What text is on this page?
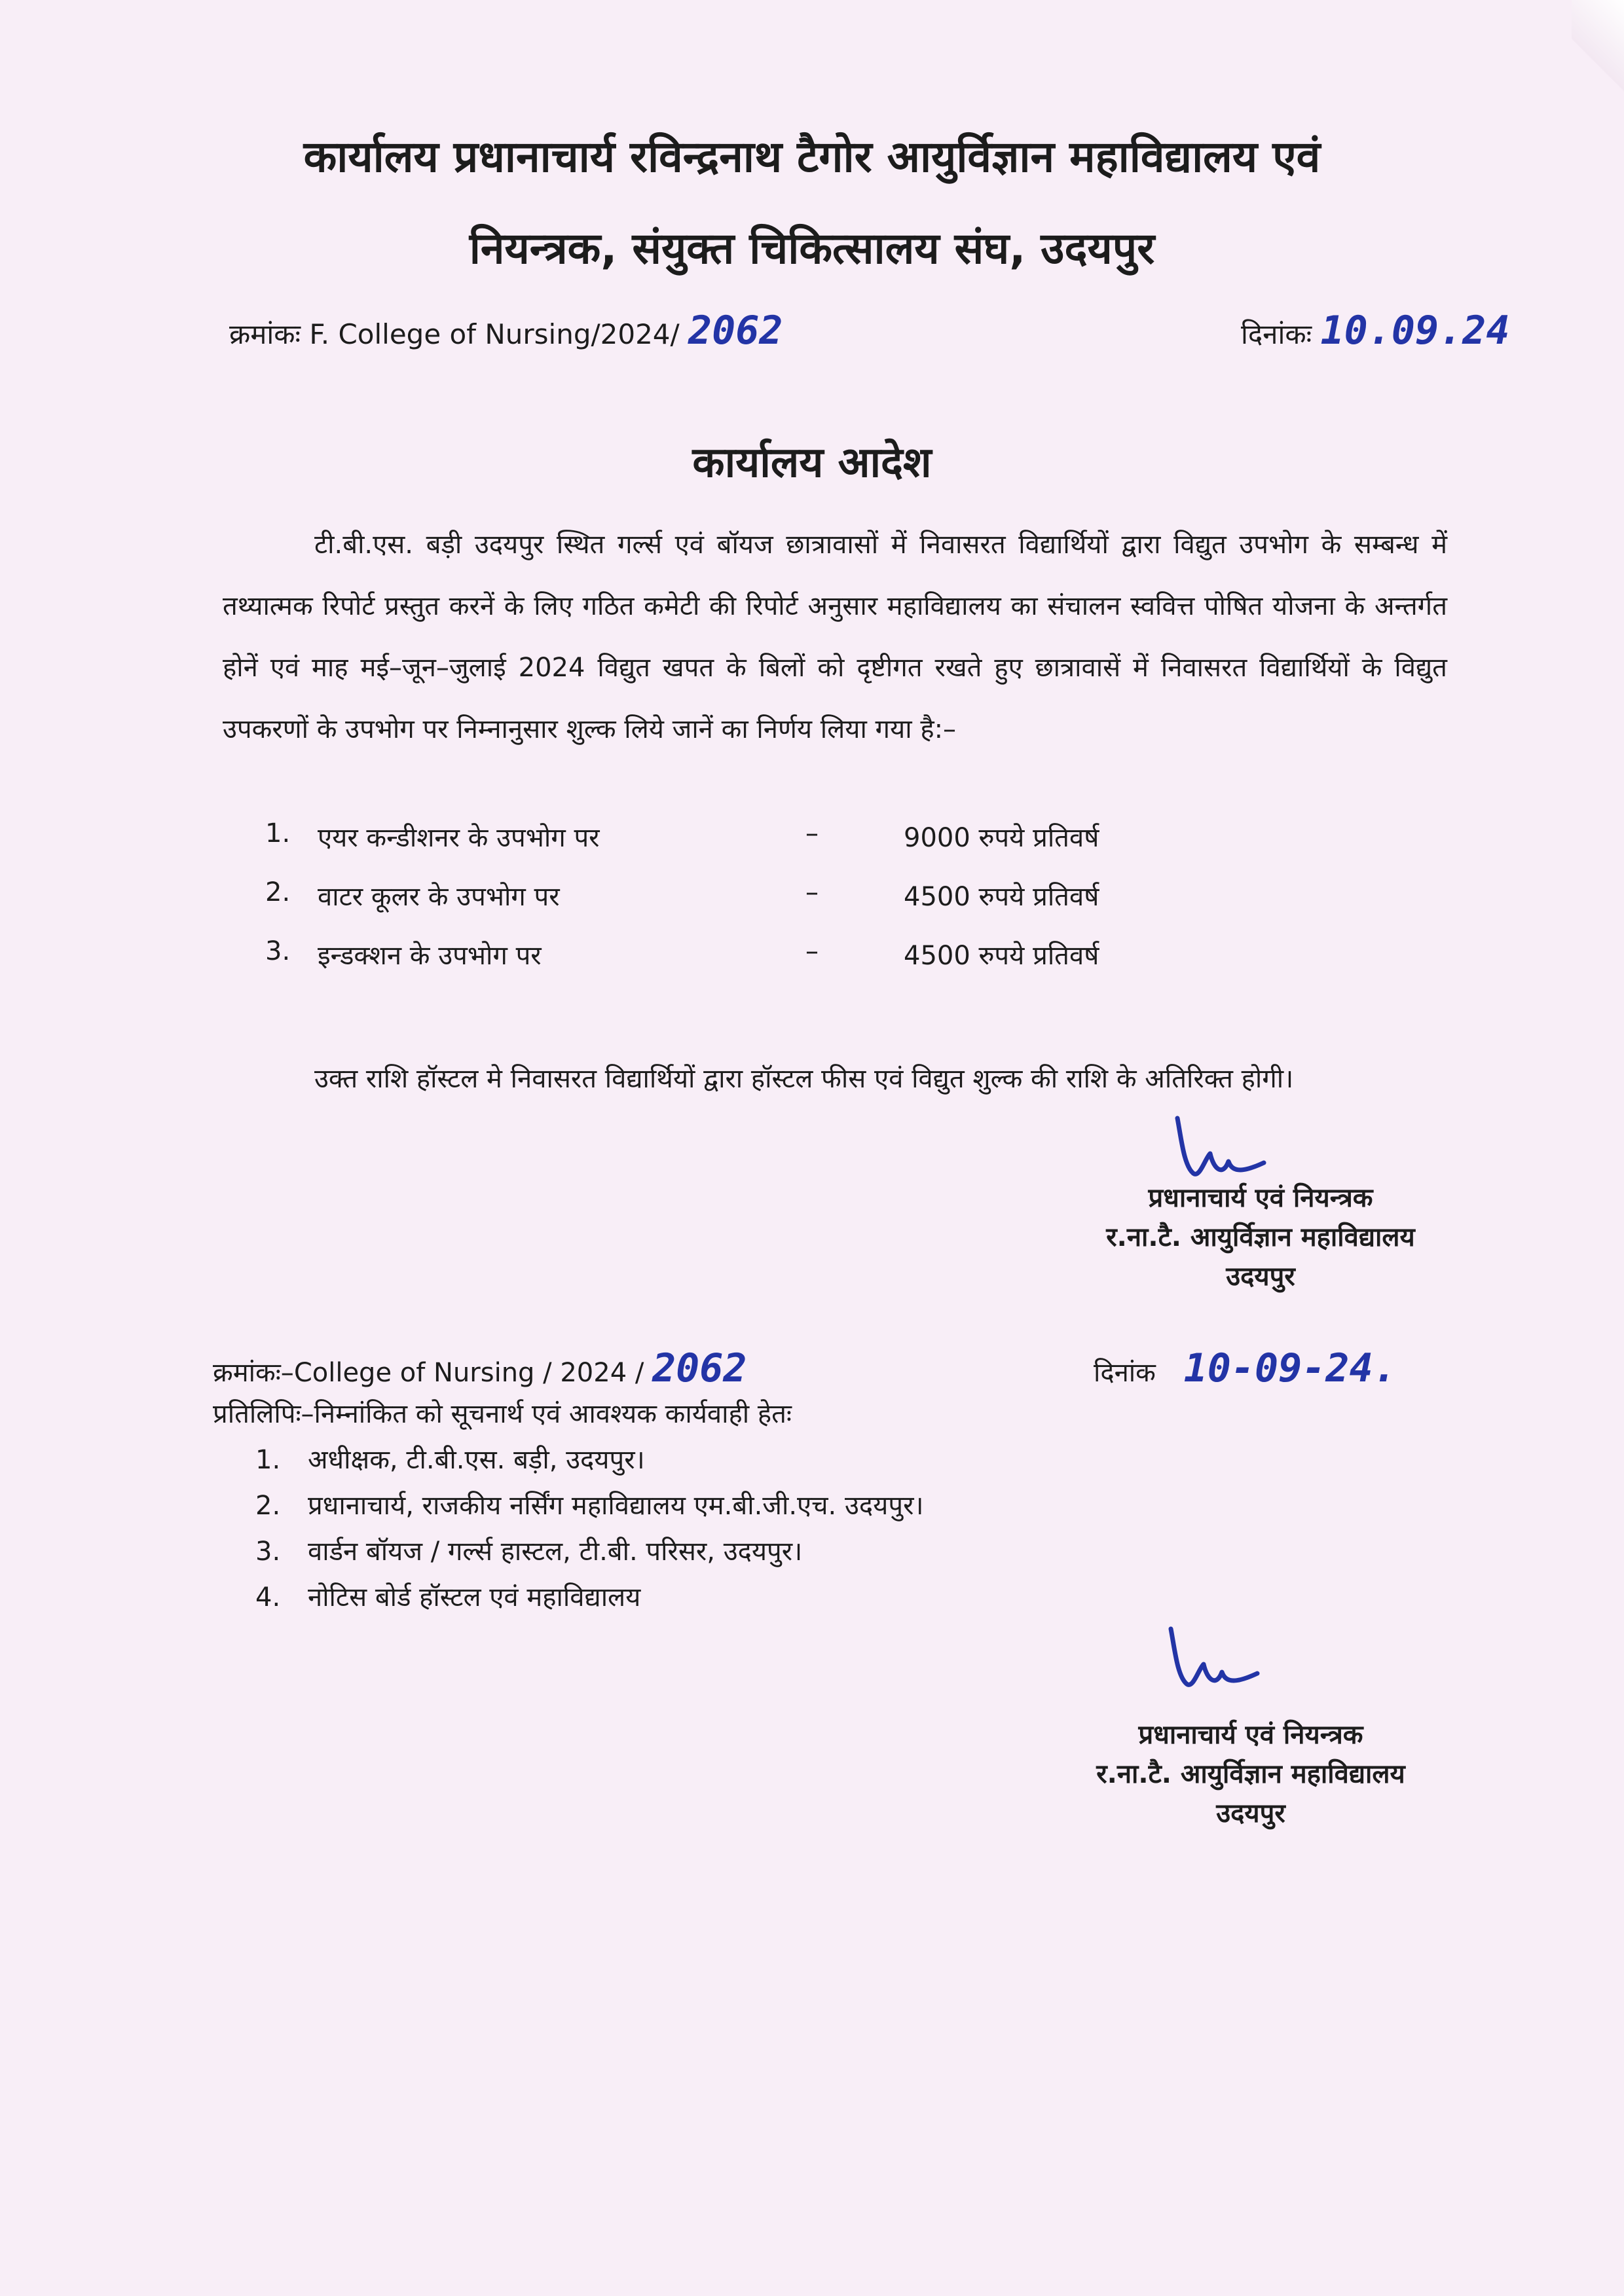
कार्यालय प्रधानाचार्य रविन्द्रनाथ टैगोर आयुर्विज्ञान महाविद्यालय एवं
नियन्त्रक, संयुक्त चिकित्सालय संघ, उदयपुर
क्रमांकः F. College of Nursing/2024/ 2062	दिनांकः 10.09.24
कार्यालय आदेश
टी.बी.एस. बड़ी उदयपुर स्थित गर्ल्स एवं बॉयज छात्रावासों में निवासरत विद्यार्थियों द्वारा विद्युत उपभोग के सम्बन्ध में तथ्यात्मक रिपोर्ट प्रस्तुत करनें के लिए गठित कमेटी की रिपोर्ट अनुसार महाविद्यालय का संचालन स्ववित्त पोषित योजना के अन्तर्गत होनें एवं माह मई–जून–जुलाई 2024 विद्युत खपत के बिलों को दृष्टीगत रखते हुए छात्रावासें में निवासरत विद्यार्थियों के विद्युत उपकरणों के उपभोग पर निम्नानुसार शुल्क लिये जानें का निर्णय लिया गया है:–
1. एयर कन्डीशनर के उपभोग पर	–	9000 रुपये प्रतिवर्ष
2. वाटर कूलर के उपभोग पर	–	4500 रुपये प्रतिवर्ष
3. इन्डक्शन के उपभोग पर	–	4500 रुपये प्रतिवर्ष
उक्त राशि हॉस्टल मे निवासरत विद्यार्थियों द्वारा हॉस्टल फीस एवं विद्युत शुल्क की राशि के अतिरिक्त होगी।
प्रधानाचार्य एवं नियन्त्रक
र.ना.टै. आयुर्विज्ञान महाविद्यालय
उदयपुर
क्रमांकः–College of Nursing / 2024 / 2062	दिनांक 10-09-24.
प्रतिलिपिः–निम्नांकित को सूचनार्थ एवं आवश्यक कार्यवाही हेतः
1. अधीक्षक, टी.बी.एस. बड़ी, उदयपुर।
2. प्रधानाचार्य, राजकीय नर्सिंग महाविद्यालय एम.बी.जी.एच. उदयपुर।
3. वार्डन बॉयज / गर्ल्स हास्टल, टी.बी. परिसर, उदयपुर।
4. नोटिस बोर्ड हॉस्टल एवं महाविद्यालय
प्रधानाचार्य एवं नियन्त्रक
र.ना.टै. आयुर्विज्ञान महाविद्यालय
उदयपुर
